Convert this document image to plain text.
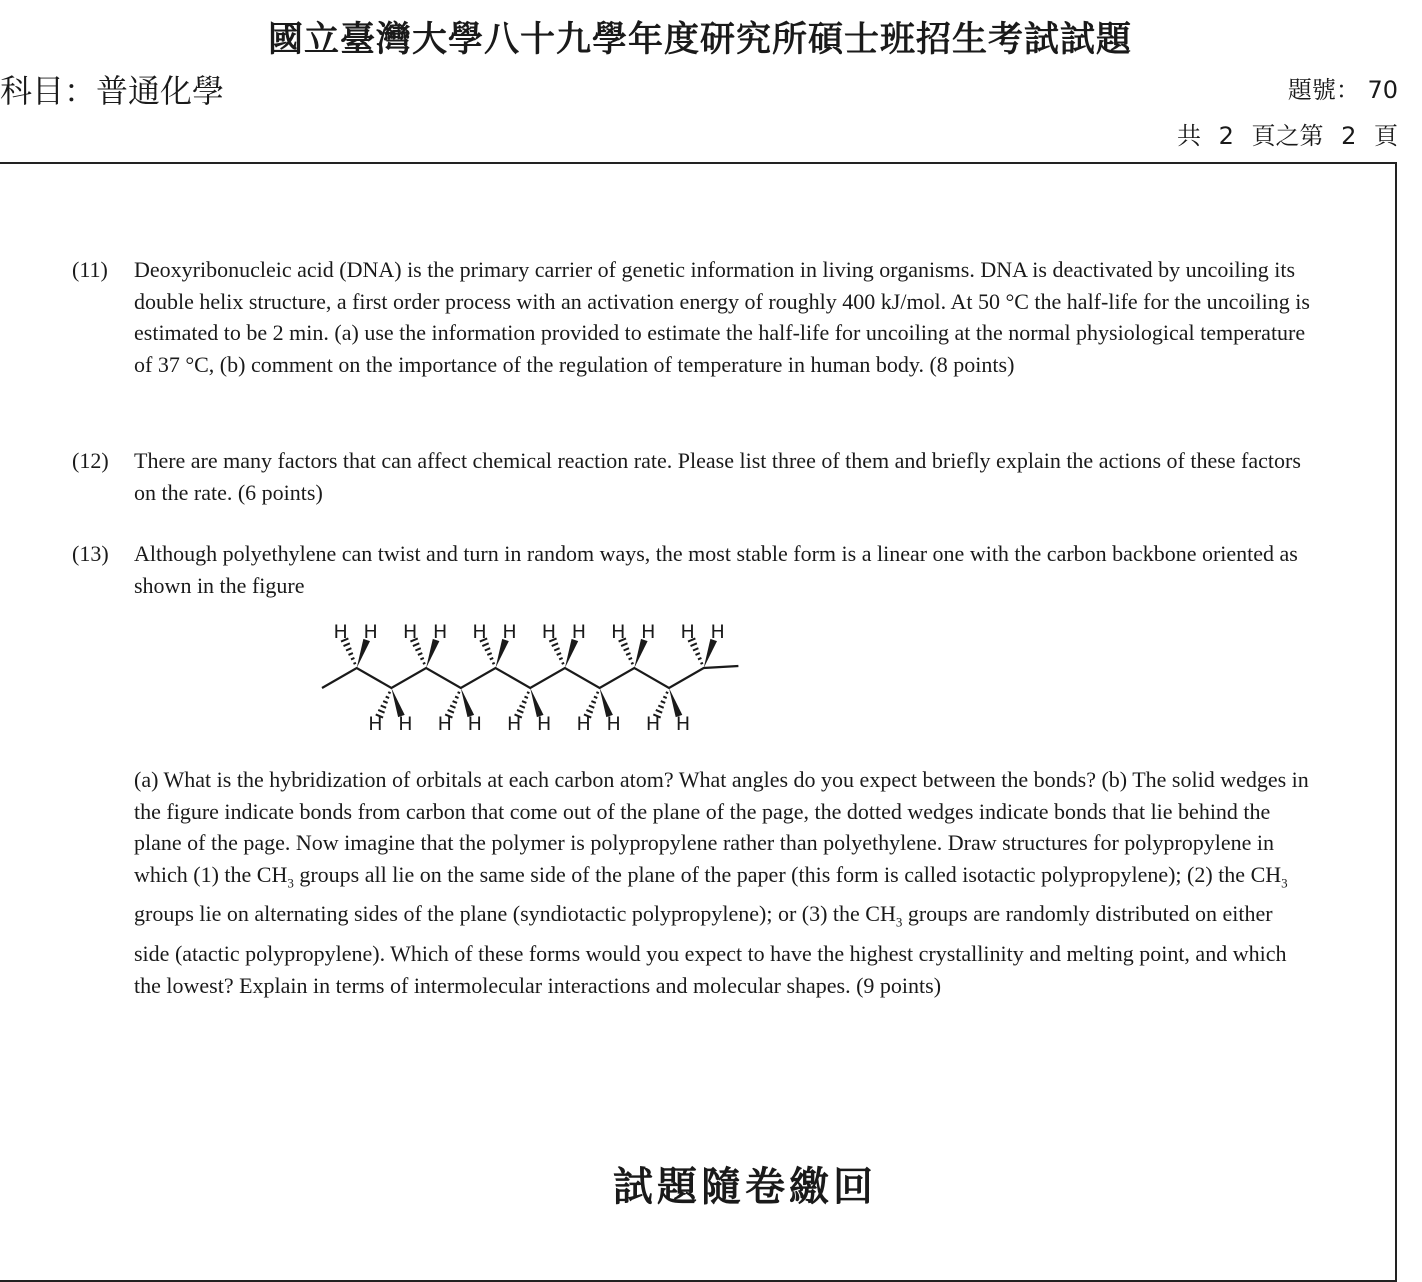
國立臺灣大學八十九學年度研究所碩士班招生考試試題
科目：普通化學	題號： 70
共 2 頁之第 2 頁
(11) Deoxyribonucleic acid (DNA) is the primary carrier of genetic information in living organisms. DNA is deactivated by uncoiling its double helix structure, a first order process with an activation energy of roughly 400 kJ/mol. At 50 °C the half-life for the uncoiling is estimated to be 2 min. (a) use the information provided to estimate the half-life for uncoiling at the normal physiological temperature of 37 °C, (b) comment on the importance of the regulation of temperature in human body. (8 points)
(12) There are many factors that can affect chemical reaction rate. Please list three of them and briefly explain the actions of these factors on the rate. (6 points)
(13) Although polyethylene can twist and turn in random ways, the most stable form is a linear one with the carbon backbone oriented as shown in the figure
H H
H H
H H
H H
H H
H H
H H
H H
H H
H H
H H
(a) What is the hybridization of orbitals at each carbon atom? What angles do you expect between the bonds? (b) The solid wedges in the figure indicate bonds from carbon that come out of the plane of the page, the dotted wedges indicate bonds that lie behind the plane of the page. Now imagine that the polymer is polypropylene rather than polyethylene. Draw structures for polypropylene in which (1) the $CH_3$ groups all lie on the same side of the plane of the paper (this form is called isotactic polypropylene); (2) the $CH_3$ groups lie on alternating sides of the plane (syndiotactic polypropylene); or (3) the $CH_3$ groups are randomly distributed on either side (atactic polypropylene). Which of these forms would you expect to have the highest crystallinity and melting point, and which the lowest? Explain in terms of intermolecular interactions and molecular shapes. (9 points)
試題隨卷繳回
